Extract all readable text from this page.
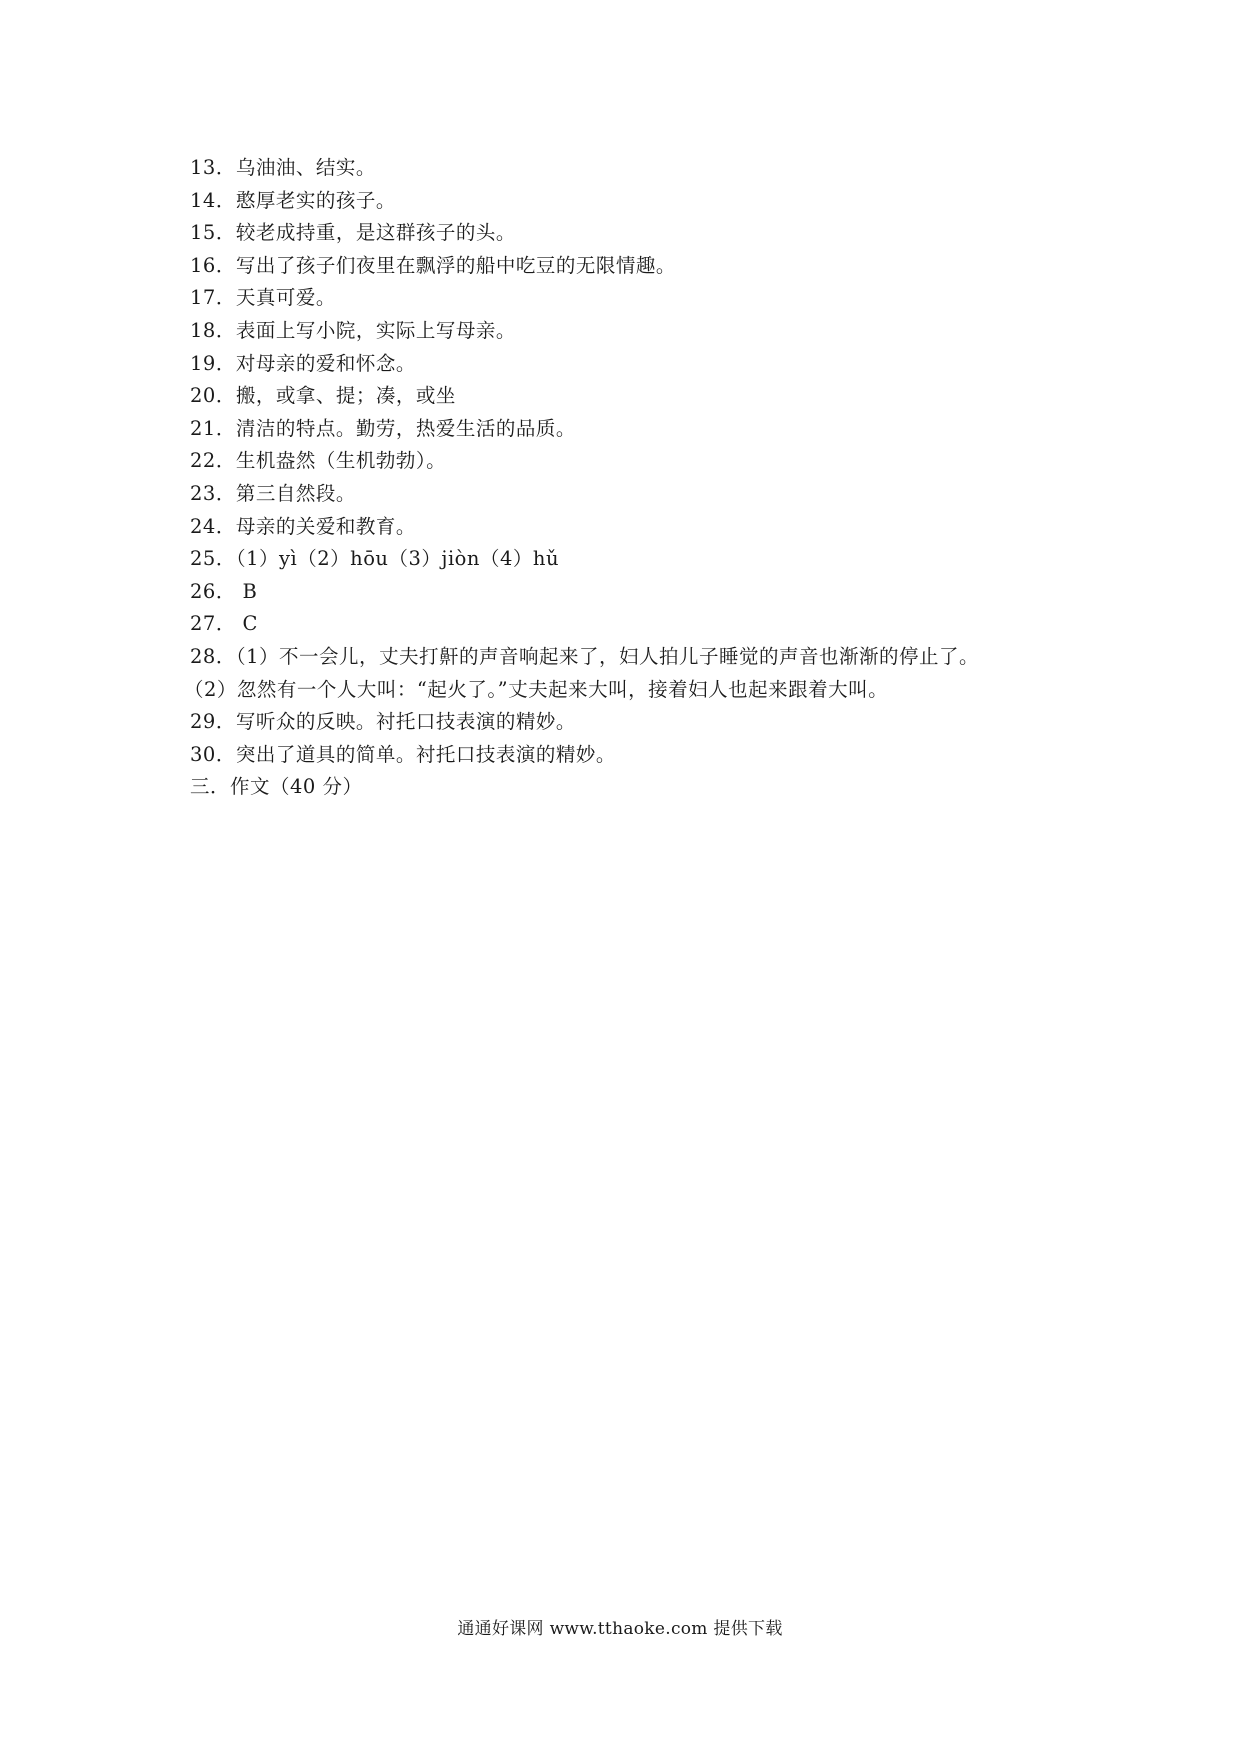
13．乌油油、结实。
14．憨厚老实的孩子。
15．较老成持重，是这群孩子的头。
16．写出了孩子们夜里在飘浮的船中吃豆的无限情趣。
17．天真可爱。
18．表面上写小院，实际上写母亲。
19．对母亲的爱和怀念。
20．搬，或拿、提；凑，或坐
21．清洁的特点。勤劳，热爱生活的品质。
22．生机盎然（生机勃勃）。
23．第三自然段。
24．母亲的关爱和教育。
25．（1）yì（2）hōu（3）jiòn（4）hǔ
26． B
27． C
28．（1）不一会儿，丈夫打鼾的声音响起来了，妇人拍儿子睡觉的声音也渐渐的停止了。
（2）忽然有一个人大叫：“起火了。”丈夫起来大叫，接着妇人也起来跟着大叫。
29．写听众的反映。衬托口技表演的精妙。
30．突出了道具的简单。衬托口技表演的精妙。
三．作文（40 分）
通通好课网 www.tthaoke.com 提供下载
